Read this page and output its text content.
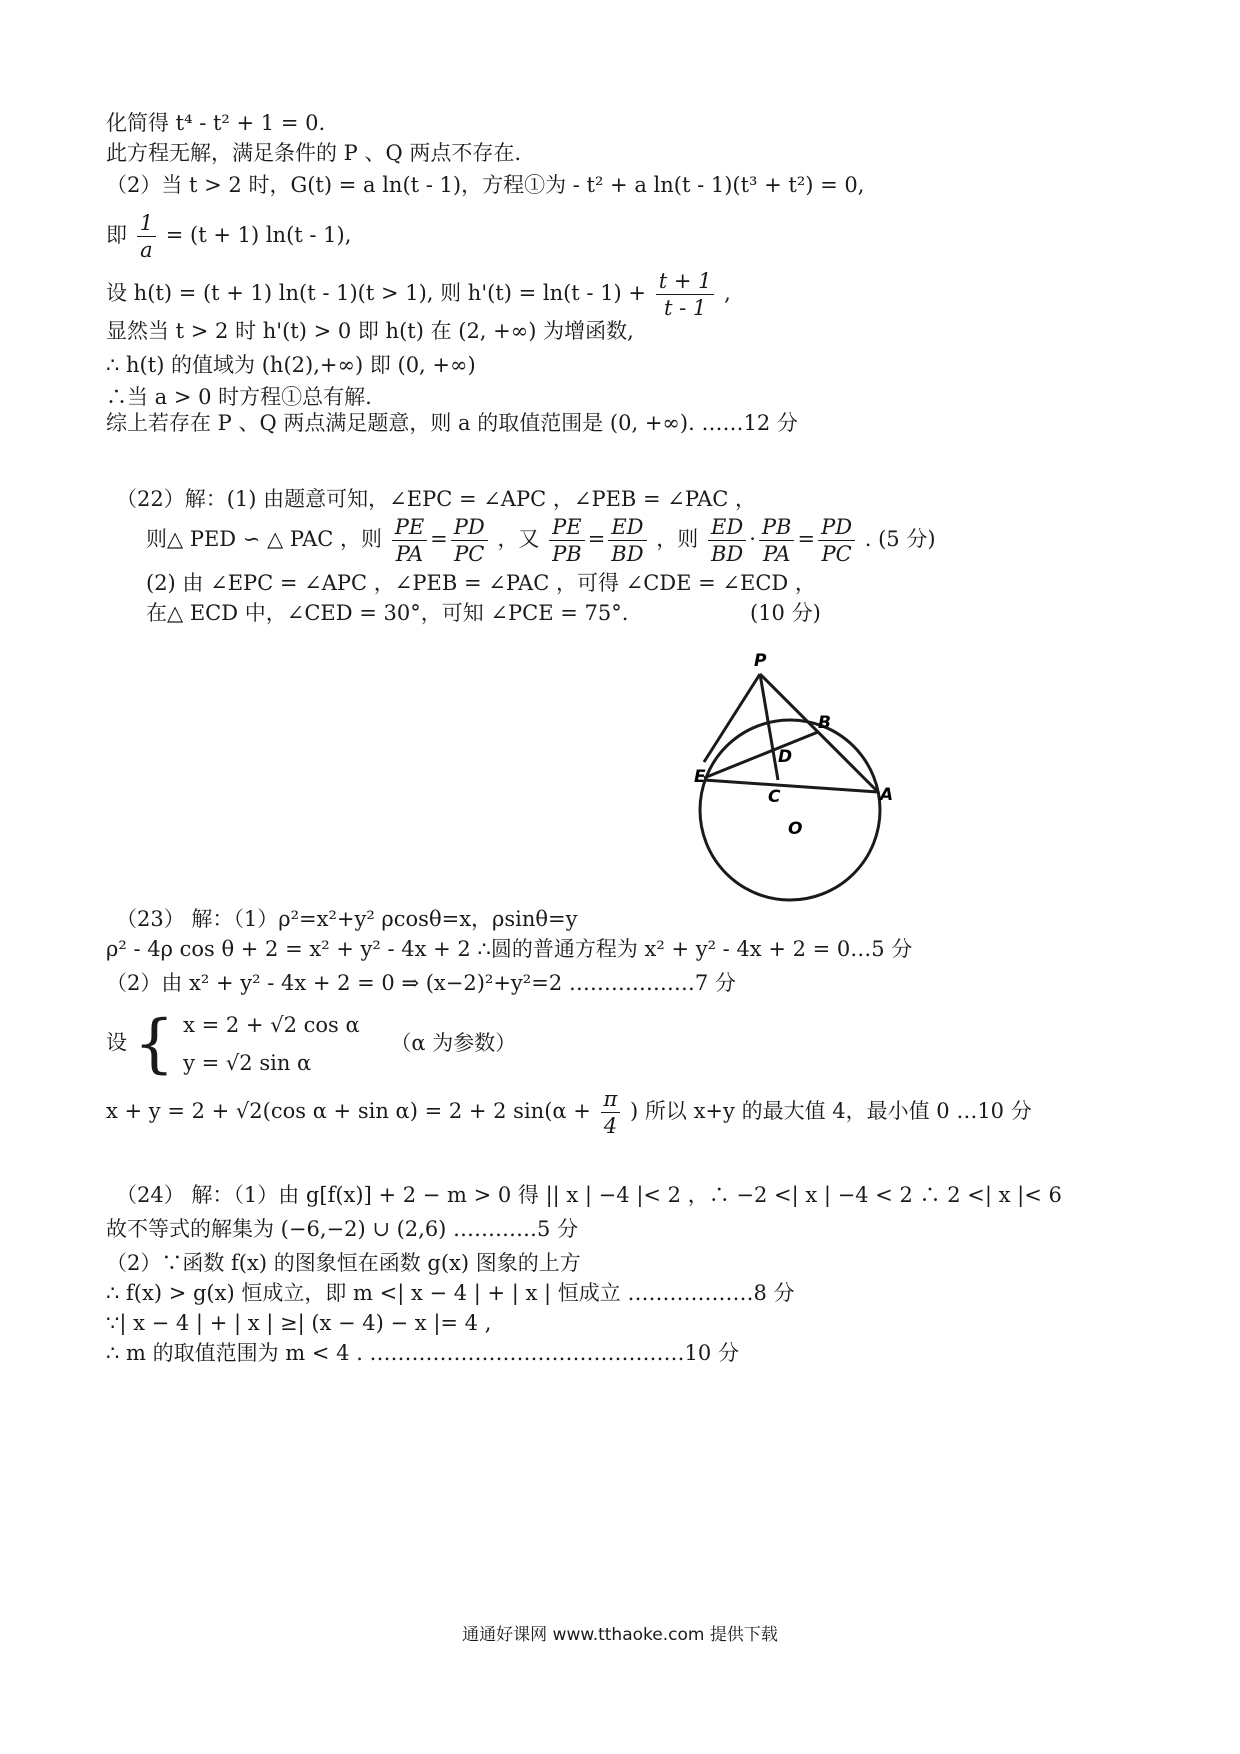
化简得 t⁴ - t² + 1 = 0.
此方程无解，满足条件的 P 、Q 两点不存在.
（2）当 t > 2 时，G(t) = a ln(t - 1)，方程①为 - t² + a ln(t - 1)(t³ + t²) = 0,
即 $\frac{1}{a} = (t + 1)$ ln(t - 1),
设 h(t) = (t + 1) ln(t - 1)(t > 1), 则 $h'(t) = \ln(t - 1) + \frac{t + 1}{t - 1}$ ,
显然当 t > 2 时 h'(t) > 0 即 h(t) 在 (2, +∞) 为增函数,
∴ h(t) 的值域为 (h(2),+∞) 即 (0, +∞)
∴当 a > 0 时方程①总有解.
综上若存在 P 、Q 两点满足题意，则 a 的取值范围是 (0, +∞). ……12 分
（22）解：(1) 由题意可知，∠EPC = ∠APC ，∠PEB = ∠PAC ，
则△ PED ∽ △ PAC ，则 $\frac{PE}{PA} = \frac{PD}{PC}$ ，又 $\frac{PE}{PB} = \frac{ED}{BD}$ ，则 $\frac{ED}{BD} \cdot \frac{PB}{PA} = \frac{PD}{PC}$ . (5 分)
(2) 由 ∠EPC = ∠APC ，∠PEB = ∠PAC ，可得 ∠CDE = ∠ECD ，
在△ ECD 中，∠CED = 30°，可知 ∠PCE = 75°.	(10 分)
P
B
D
E
C	A
O
（23） 解：（1）ρ²=x²+y² ρcosθ=x，ρsinθ=y
ρ² - 4ρ cos θ + 2 = x² + y² - 4x + 2 ∴圆的普通方程为 x² + y² - 4x + 2 = 0…5 分
（2）由 x² + y² - 4x + 2 = 0 ⇒ (x−2)²+y²=2 ………………7 分
设 { x = 2 + √2 cos α
y = √2 sin α
（α 为参数）
x + y = 2 + √2(cos α + sin α) = 2 + 2 $\sin(\alpha + \frac{\pi}{4}$ ) 所以 x+y 的最大值 4，最小值 0 …10 分
（24） 解：（1）由 g[f(x)] + 2 − m > 0 得 || x | −4 |< 2 ，∴ −2 <| x | −4 < 2 ∴ 2 <| x |< 6
故不等式的解集为 (−6,−2) ∪ (2,6) …………5 分
（2）∵函数 f(x) 的图象恒在函数 g(x) 图象的上方
∴ f(x) > g(x) 恒成立，即 m <| x − 4 | + | x | 恒成立 ………………8 分
∵| x − 4 | + | x | ≥| (x − 4) − x |= 4 ,
∴ m 的取值范围为 m < 4 . ………………………………………10 分
通通好课网 www.tthaoke.com 提供下载
